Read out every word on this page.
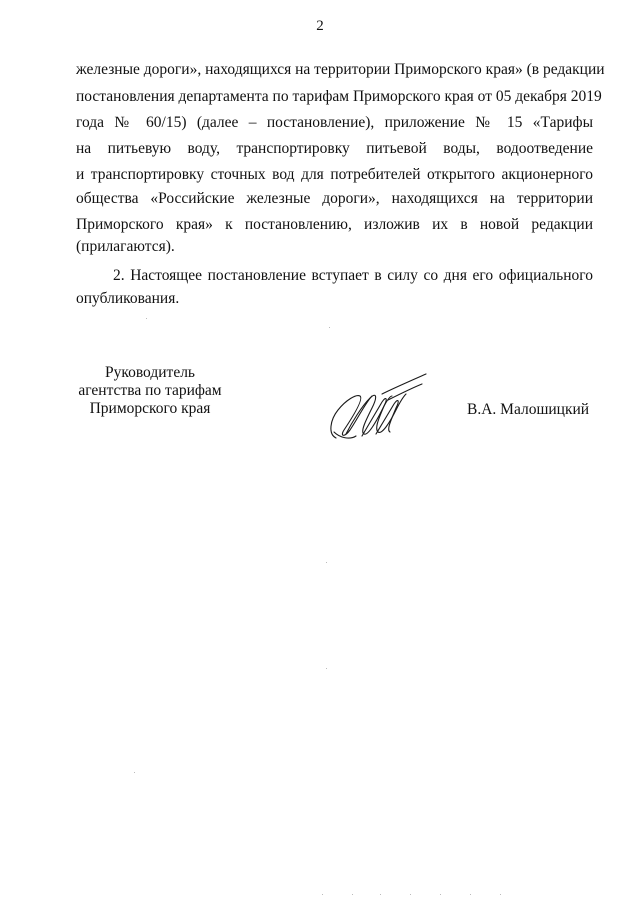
2
железные дороги», находящихся на территории Приморского края» (в редакции
постановления департамента по тарифам Приморского края от 05 декабря 2019
года № 60/15) (далее – постановление), приложение № 15 «Тарифы
на питьевую воду, транспортировку питьевой воды, водоотведение
и транспортировку сточных вод для потребителей открытого акционерного
общества «Российские железные дороги», находящихся на территории
Приморского края» к постановлению, изложив их в новой редакции
(прилагаются).
2. Настоящее постановление вступает в силу со дня его официального
опубликования.
Руководитель
агентства по тарифам
Приморского края	В.А. Малошицкий
